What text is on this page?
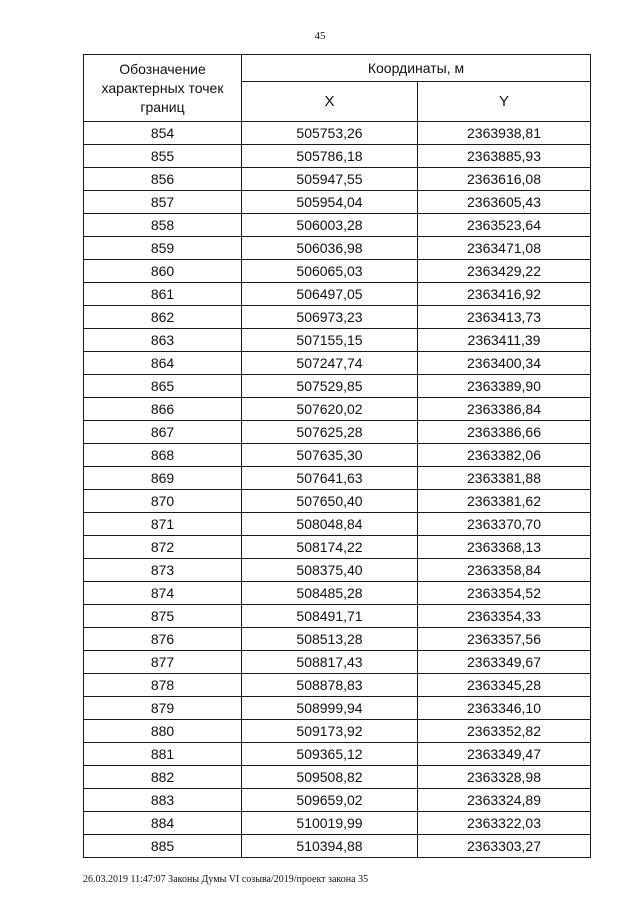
45
Обозначение характерных точек границ	Координаты, м	
	X	Y
854	505753,26	2363938,81
855	505786,18	2363885,93
856	505947,55	2363616,08
857	505954,04	2363605,43
858	506003,28	2363523,64
859	506036,98	2363471,08
860	506065,03	2363429,22
861	506497,05	2363416,92
862	506973,23	2363413,73
863	507155,15	2363411,39
864	507247,74	2363400,34
865	507529,85	2363389,90
866	507620,02	2363386,84
867	507625,28	2363386,66
868	507635,30	2363382,06
869	507641,63	2363381,88
870	507650,40	2363381,62
871	508048,84	2363370,70
872	508174,22	2363368,13
873	508375,40	2363358,84
874	508485,28	2363354,52
875	508491,71	2363354,33
876	508513,28	2363357,56
877	508817,43	2363349,67
878	508878,83	2363345,28
879	508999,94	2363346,10
880	509173,92	2363352,82
881	509365,12	2363349,47
882	509508,82	2363328,98
883	509659,02	2363324,89
884	510019,99	2363322,03
885	510394,88	2363303,27
26.03.2019 11:47:07 Законы Думы VI созыва/2019/проект закона 35
